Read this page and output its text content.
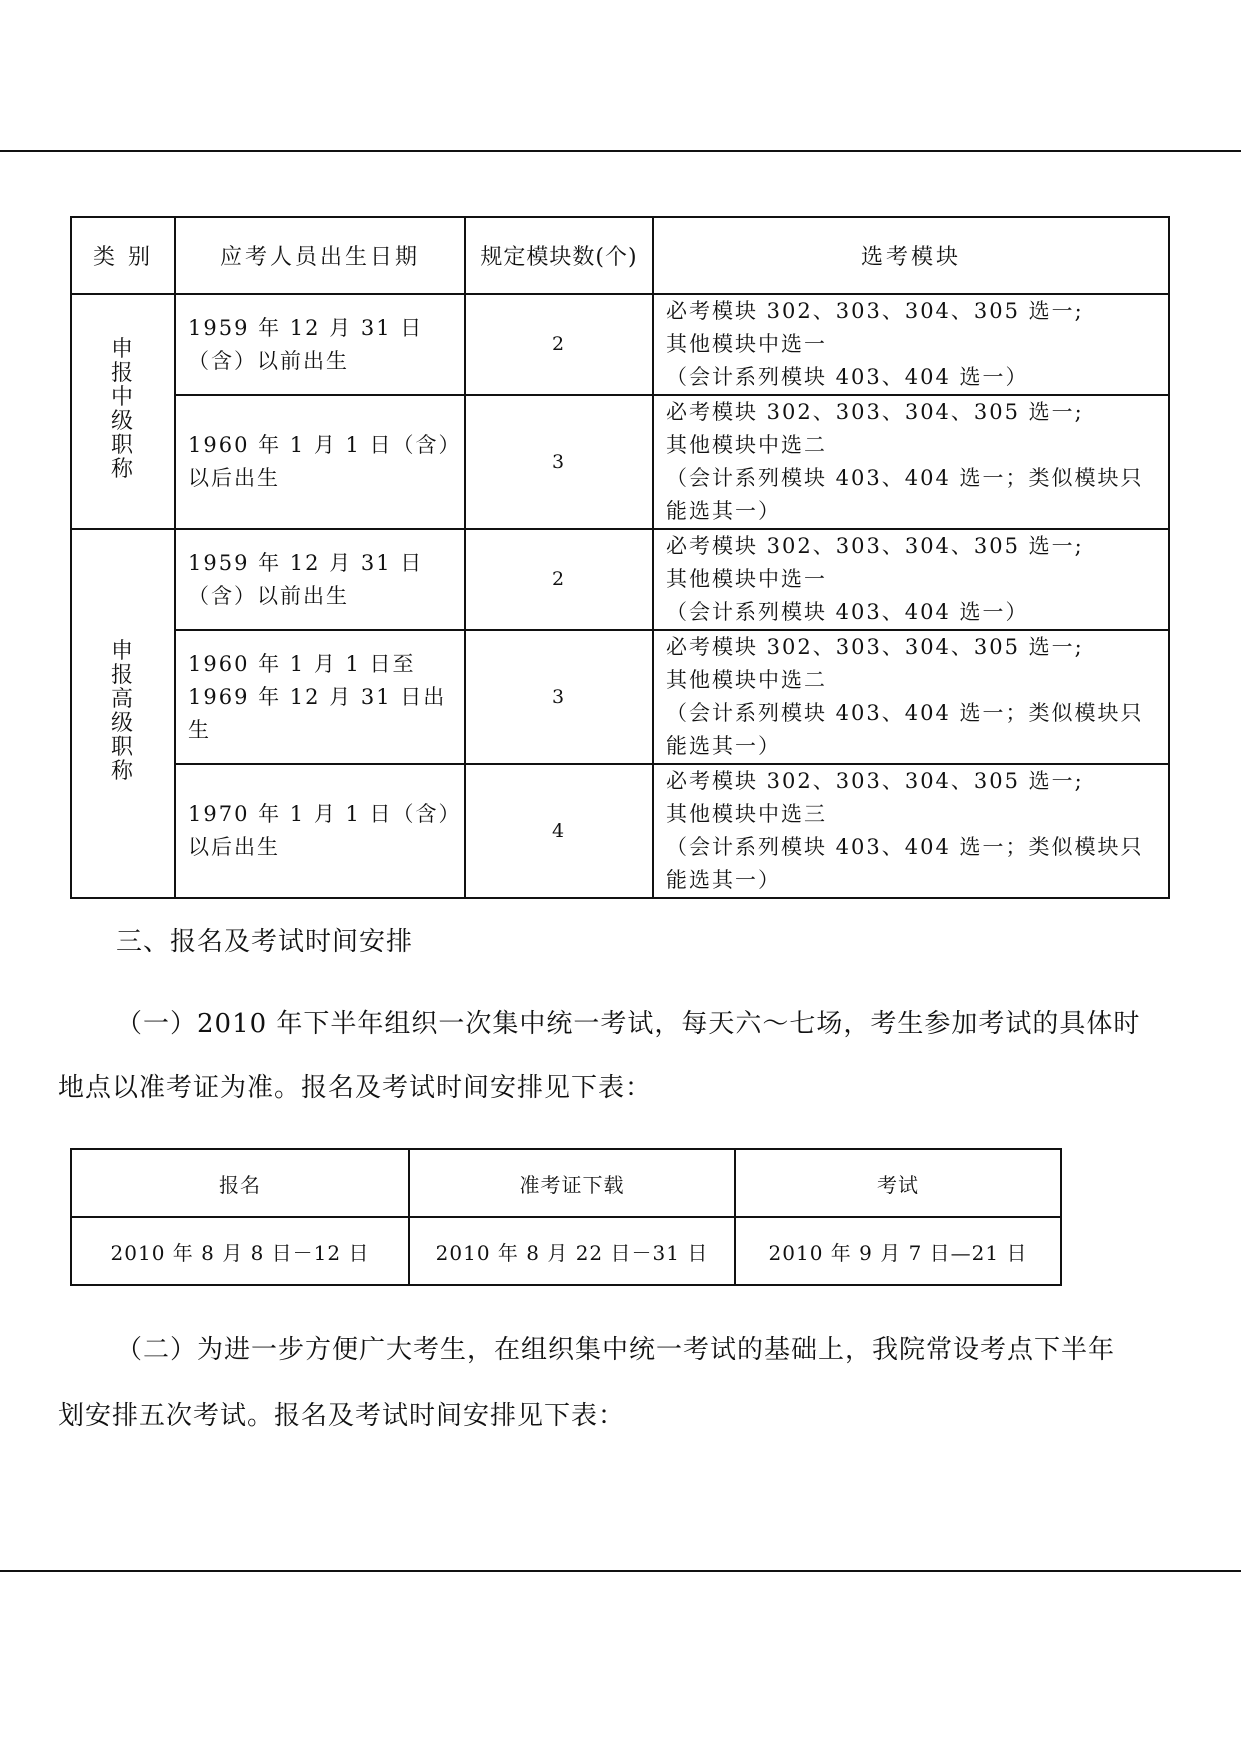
类 别	应考人员出生日期	规定模块数(个)	选考模块
申报中级职称	1959 年 12 月 31 日（含）以前出生	2	必考模块 302、303、304、305 选一;
其他模块中选一
（会计系列模块 403、404 选一）

	1960 年 1 月 1 日（含）以后出生	3	必考模块 302、303、304、305 选一;
其他模块中选二
（会计系列模块 403、404 选一；类似模块只能选其一）

申报高级职称	1959 年 12 月 31 日（含）以前出生	2	必考模块 302、303、304、305 选一;
其他模块中选一
（会计系列模块 403、404 选一）

	1960 年 1 月 1 日至 1969 年 12 月 31 日出生	3	必考模块 302、303、304、305 选一;
其他模块中选二
（会计系列模块 403、404 选一；类似模块只能选其一）

	1970 年 1 月 1 日（含）以后出生	4	必考模块 302、303、304、305 选一;
其他模块中选三
（会计系列模块 403、404 选一；类似模块只能选其一）
三、报名及考试时间安排
（一）2010 年下半年组织一次集中统一考试，每天六～七场，考生参加考试的具体时
地点以准考证为准。报名及考试时间安排见下表：
报名	准考证下载	考试
2010 年 8 月 8 日－12 日	2010 年 8 月 22 日－31 日	2010 年 9 月 7 日—21 日
（二）为进一步方便广大考生，在组织集中统一考试的基础上，我院常设考点下半年
划安排五次考试。报名及考试时间安排见下表：
